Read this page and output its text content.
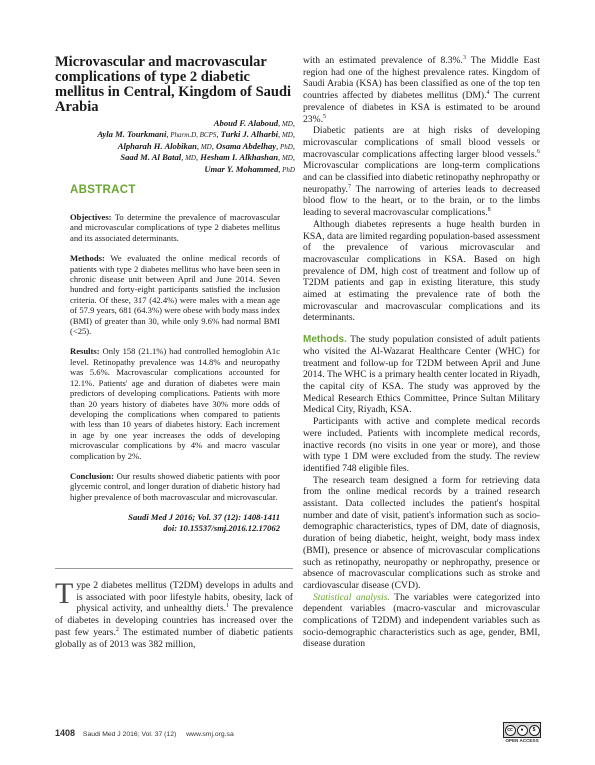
Microvascular and macrovascular complications of type 2 diabetic mellitus in Central, Kingdom of Saudi Arabia
Aboud F. Alaboud, MD,
Ayla M. Tourkmani, Pharm.D, BCPS, Turki J. Alharbi, MD,
Alpharah H. Alobikan, MD, Osama Abdelhay, PhD,
Saad M. Al Batal, MD, Hesham I. Alkhashan, MD,
Umar Y. Mohammed, PhD
ABSTRACT

Objectives: To determine the prevalence of macrovascular and microvascular complications of type 2 diabetes mellitus and its associated determinants.

Methods: We evaluated the online medical records of patients with type 2 diabetes mellitus who have been seen in chronic disease unit between April and June 2014. Seven hundred and forty-eight participants satisfied the inclusion criteria. Of these, 317 (42.4%) were males with a mean age of 57.9 years, 681 (64.3%) were obese with body mass index (BMI) of greater than 30, while only 9.6% had normal BMI (<25).

Results: Only 158 (21.1%) had controlled hemoglobin A1c level. Retinopathy prevalence was 14.8% and neuropathy was 5.6%. Macrovascular complications accounted for 12.1%. Patients' age and duration of diabetes were main predictors of developing complications. Patients with more than 20 years history of diabetes have 30% more odds of developing the complications when compared to patients with less than 10 years of diabetes history. Each increment in age by one year increases the odds of developing microvascular complications by 4% and macro vascular complication by 2%.

Conclusion: Our results showed diabetic patients with poor glycemic control, and longer duration of diabetic history had higher prevalence of both macrovascular and microvascular.

Saudi Med J 2016; Vol. 37 (12): 1408-1411
doi: 10.15537/smj.2016.12.17062
Type 2 diabetes mellitus (T2DM) develops in adults and is associated with poor lifestyle habits, obesity, lack of physical activity, and unhealthy diets.$^1$ The prevalence of diabetes in developing countries has increased over the past few years.$^2$ The estimated number of diabetic patients globally as of 2013 was 382 million,

with an estimated prevalence of 8.3%.$^3$ The Middle East region had one of the highest prevalence rates. Kingdom of Saudi Arabia (KSA) has been classified as one of the top ten countries affected by diabetes mellitus (DM).$^4$ The current prevalence of diabetes in KSA is estimated to be around 23%.$^5$

Diabetic patients are at high risks of developing microvascular complications of small blood vessels or macrovascular complications affecting larger blood vessels.$^6$ Microvascular complications are long-term complications and can be classified into diabetic retinopathy nephropathy or neuropathy.$^7$ The narrowing of arteries leads to decreased blood flow to the heart, or to the brain, or to the limbs leading to several macrovascular complications.$^8$

Although diabetes represents a huge health burden in KSA, data are limited regarding population-based assessment of the prevalence of various microvascular and macrovascular complications in KSA. Based on high prevalence of DM, high cost of treatment and follow up of T2DM patients and gap in existing literature, this study aimed at estimating the prevalence rate of both the microvascular and macrovascular complications and its determinants.

Methods. The study population consisted of adult patients who visited the Al-Wazarat Healthcare Center (WHC) for treatment and follow-up for T2DM between April and June 2014. The WHC is a primary health center located in Riyadh, the capital city of KSA. The study was approved by the Medical Research Ethics Committee, Prince Sultan Military Medical City, Riyadh, KSA.

Participants with active and complete medical records were included. Patients with incomplete medical records, inactive records (no visits in one year or more), and those with type 1 DM were excluded from the study. The review identified 748 eligible files.

The research team designed a form for retrieving data from the online medical records by a trained research assistant. Data collected includes the patient's hospital number and date of visit, patient's information such as socio-demographic characteristics, types of DM, date of diagnosis, duration of being diabetic, height, weight, body mass index (BMI), presence or absence of microvascular complications such as retinopathy, neuropathy or nephropathy, presence or absence of macrovascular complications such as stroke and cardiovascular disease (CVD).

Statistical analysis. The variables were categorized into dependent variables (macro-vascular and microvascular complications of T2DM) and independent variables such as socio-demographic characteristics such as age, gender, BMI, disease duration

1408 Saudi Med J 2016; Vol. 37 (12) www.smj.org.sa
cc	●	$
OPEN ACCESS
